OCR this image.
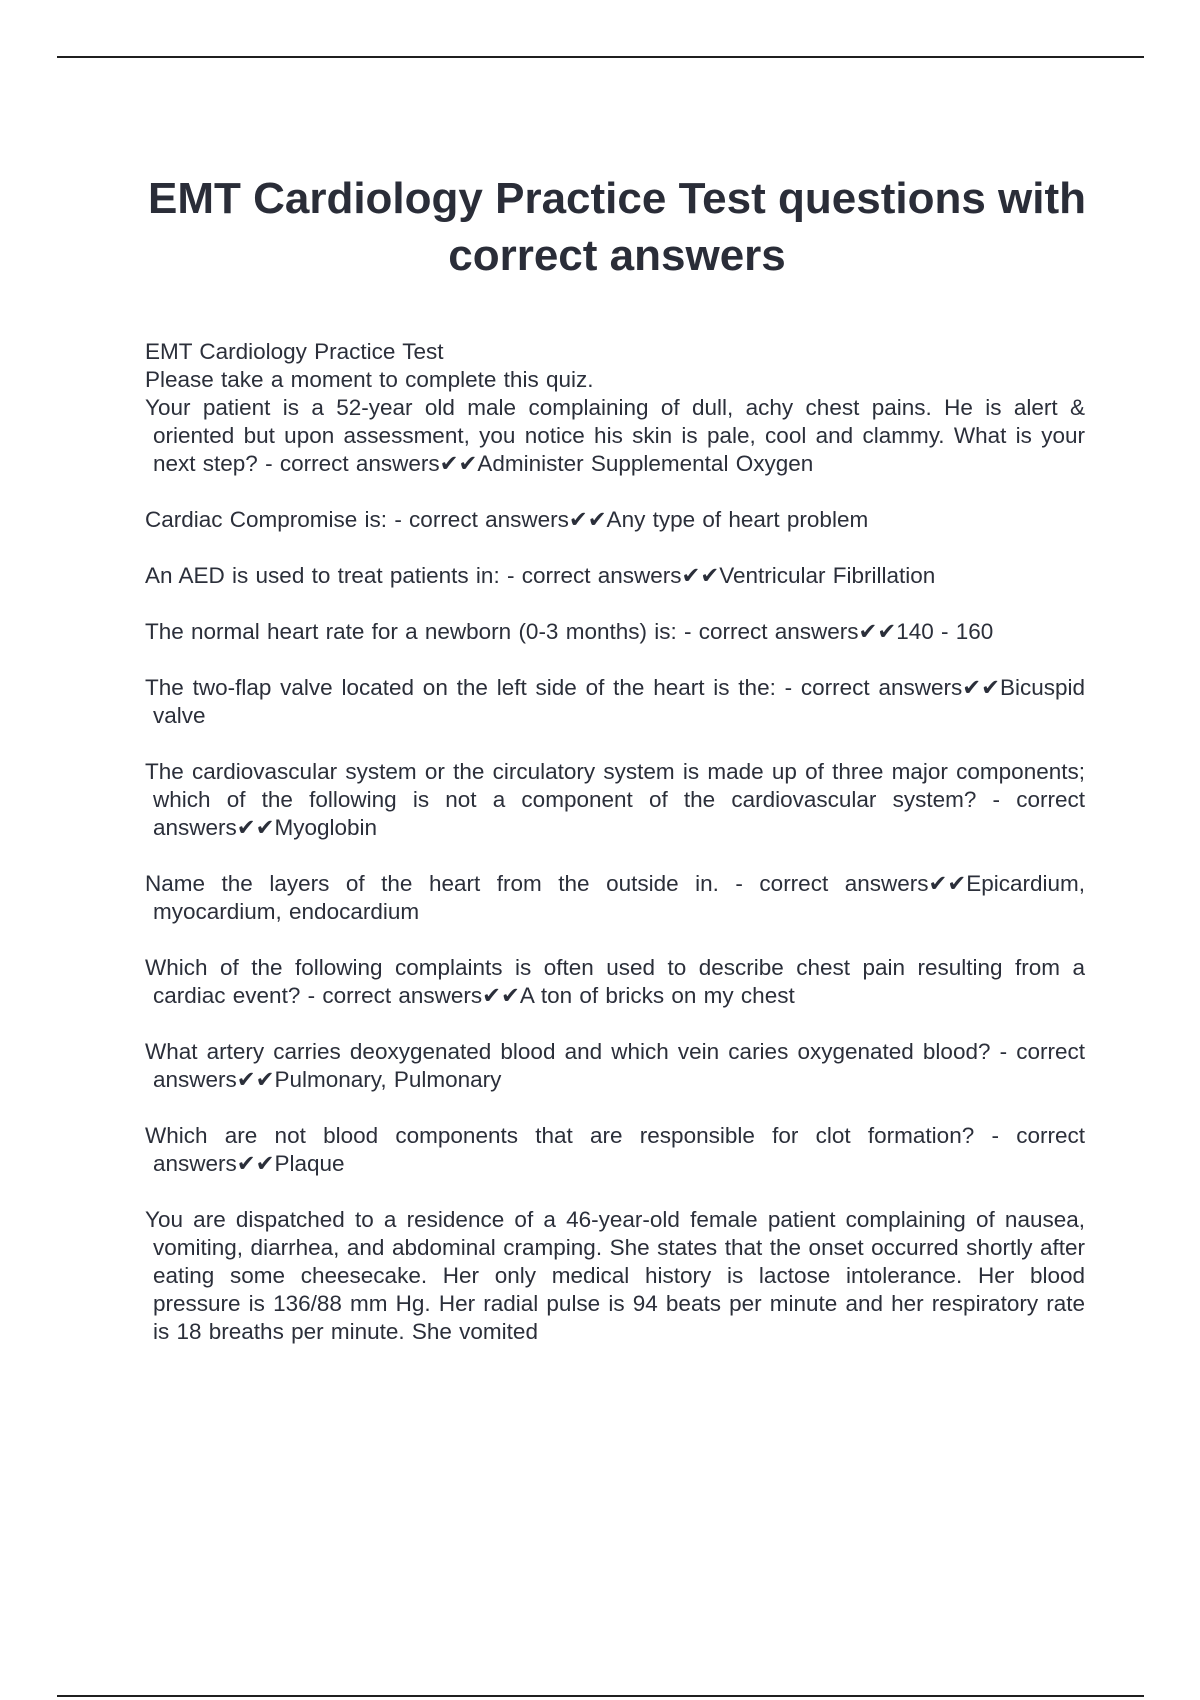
EMT Cardiology Practice Test questions with correct answers
EMT Cardiology Practice Test
Please take a moment to complete this quiz.
Your patient is a 52-year old male complaining of dull, achy chest pains. He is alert & oriented but upon assessment, you notice his skin is pale, cool and clammy. What is your next step? - correct answers✔✔Administer Supplemental Oxygen

Cardiac Compromise is: - correct answers✔✔Any type of heart problem

An AED is used to treat patients in: - correct answers✔✔Ventricular Fibrillation

The normal heart rate for a newborn (0-3 months) is: - correct answers✔✔140 - 160

The two-flap valve located on the left side of the heart is the: - correct answers✔✔Bicuspid valve

The cardiovascular system or the circulatory system is made up of three major components; which of the following is not a component of the cardiovascular system? - correct answers✔✔Myoglobin

Name the layers of the heart from the outside in. - correct answers✔✔Epicardium, myocardium, endocardium

Which of the following complaints is often used to describe chest pain resulting from a cardiac event? - correct answers✔✔A ton of bricks on my chest

What artery carries deoxygenated blood and which vein caries oxygenated blood? - correct answers✔✔Pulmonary, Pulmonary

Which are not blood components that are responsible for clot formation? - correct answers✔✔Plaque

You are dispatched to a residence of a 46-year-old female patient complaining of nausea, vomiting, diarrhea, and abdominal cramping. She states that the onset occurred shortly after eating some cheesecake. Her only medical history is lactose intolerance. Her blood pressure is 136/88 mm Hg. Her radial pulse is 94 beats per minute and her respiratory rate is 18 breaths per minute. She vomited
